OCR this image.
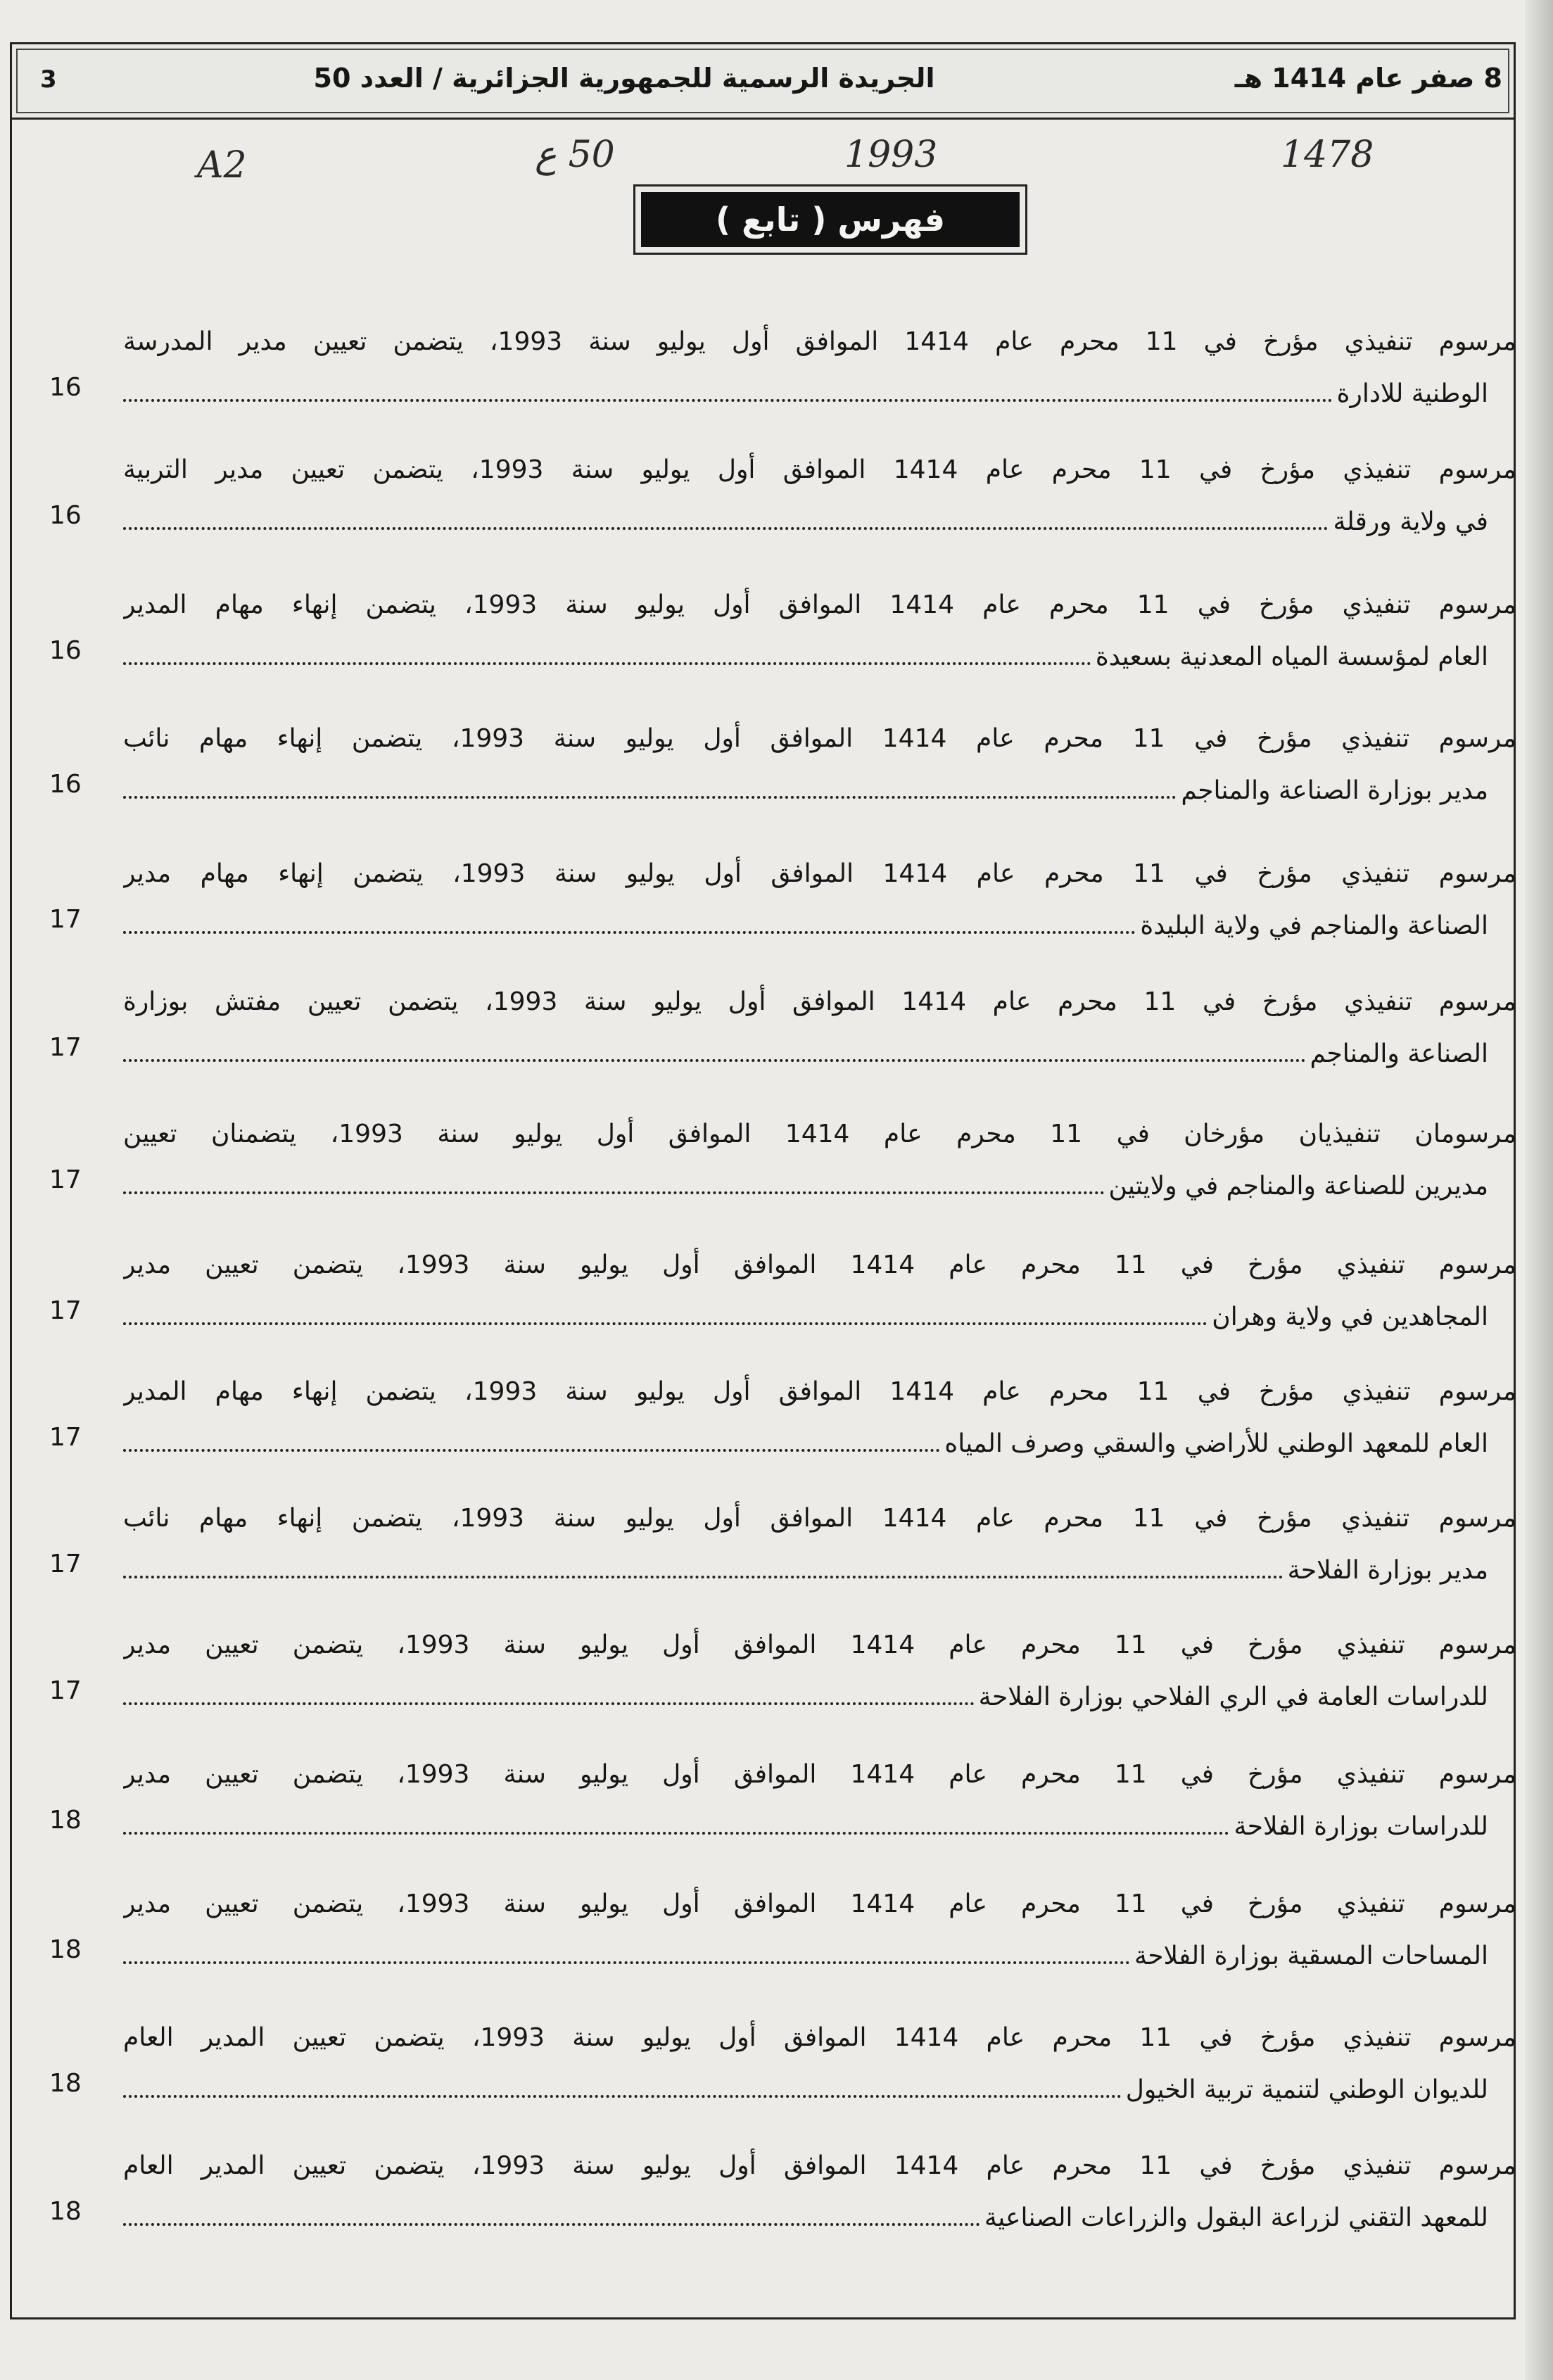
3	الجريدة الرسمية للجمهورية الجزائرية / العدد 50	8 صفر عام 1414 هـ
A2	50 ع	1993	1478
فهرس ( تابع )
مرسوم تنفيذي مؤرخ في 11 محرم عام 1414 الموافق أول يوليو سنة 1993، يتضمن تعيين مدير المدرسة
الوطنية للادارة
16
مرسوم تنفيذي مؤرخ في 11 محرم عام 1414 الموافق أول يوليو سنة 1993، يتضمن تعيين مدير التربية
في ولاية ورقلة
16
مرسوم تنفيذي مؤرخ في 11 محرم عام 1414 الموافق أول يوليو سنة 1993، يتضمن إنهاء مهام المدير
العام لمؤسسة المياه المعدنية بسعيدة
16
مرسوم تنفيذي مؤرخ في 11 محرم عام 1414 الموافق أول يوليو سنة 1993، يتضمن إنهاء مهام نائب
مدير بوزارة الصناعة والمناجم
16
مرسوم تنفيذي مؤرخ في 11 محرم عام 1414 الموافق أول يوليو سنة 1993، يتضمن إنهاء مهام مدير
الصناعة والمناجم في ولاية البليدة
17
مرسوم تنفيذي مؤرخ في 11 محرم عام 1414 الموافق أول يوليو سنة 1993، يتضمن تعيين مفتش بوزارة
الصناعة والمناجم
17
مرسومان تنفيذيان مؤرخان في 11 محرم عام 1414 الموافق أول يوليو سنة 1993، يتضمنان تعيين
مديرين للصناعة والمناجم في ولايتين
17
مرسوم تنفيذي مؤرخ في 11 محرم عام 1414 الموافق أول يوليو سنة 1993، يتضمن تعيين مدير
المجاهدين في ولاية وهران
17
مرسوم تنفيذي مؤرخ في 11 محرم عام 1414 الموافق أول يوليو سنة 1993، يتضمن إنهاء مهام المدير
العام للمعهد الوطني للأراضي والسقي وصرف المياه
17
مرسوم تنفيذي مؤرخ في 11 محرم عام 1414 الموافق أول يوليو سنة 1993، يتضمن إنهاء مهام نائب
مدير بوزارة الفلاحة
17
مرسوم تنفيذي مؤرخ في 11 محرم عام 1414 الموافق أول يوليو سنة 1993، يتضمن تعيين مدير
للدراسات العامة في الري الفلاحي بوزارة الفلاحة
17
مرسوم تنفيذي مؤرخ في 11 محرم عام 1414 الموافق أول يوليو سنة 1993، يتضمن تعيين مدير
للدراسات بوزارة الفلاحة
18
مرسوم تنفيذي مؤرخ في 11 محرم عام 1414 الموافق أول يوليو سنة 1993، يتضمن تعيين مدير
المساحات المسقية بوزارة الفلاحة
18
مرسوم تنفيذي مؤرخ في 11 محرم عام 1414 الموافق أول يوليو سنة 1993، يتضمن تعيين المدير العام
للديوان الوطني لتنمية تربية الخيول
18
مرسوم تنفيذي مؤرخ في 11 محرم عام 1414 الموافق أول يوليو سنة 1993، يتضمن تعيين المدير العام
للمعهد التقني لزراعة البقول والزراعات الصناعية
18
